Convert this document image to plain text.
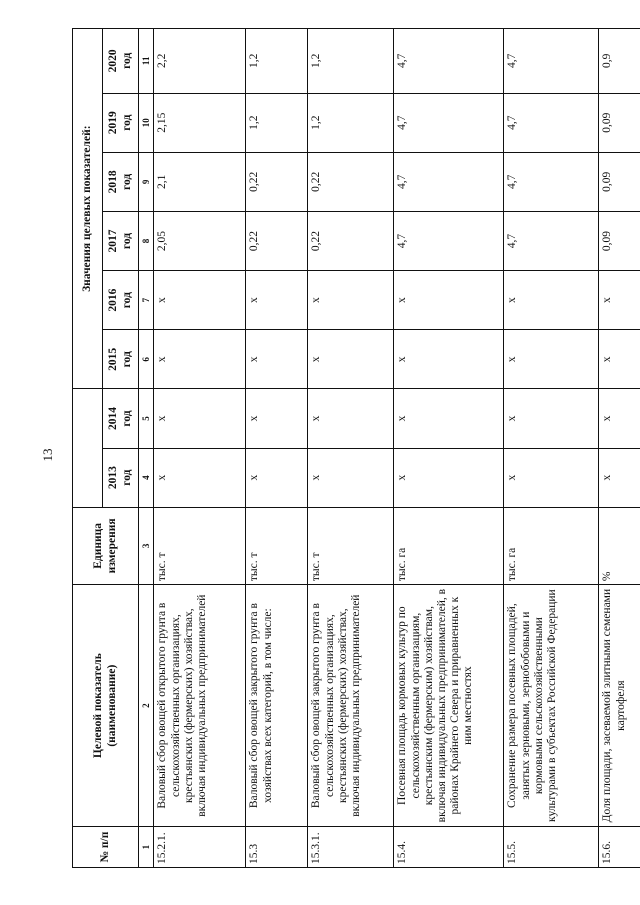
13
№ п/п	Целевой показатель (наименование)	Единица измерения			Значения целевых показателей:					

			2013 год	2014 год	2015 год	2016 год	2017 год	2018 год	2019 год	2020 год

1	2	3	4	5	6	7	8	9	10	11
15.2.1.	Валовый сбор овощей открытого грунта в сельскохозяйственных организациях, крестьянских (фермерских) хозяйствах, включая индивидуальных предпринимателей	тыс. т	х	х	х	х	2,05	2,1	2,15	2,2
15.3	Валовый сбор овощей закрытого грунта в хозяйствах всех категорий, в том числе:	тыс. т	х	х	х	х	0,22	0,22	1,2	1,2
15.3.1.	Валовый сбор овощей закрытого грунта в сельскохозяйственных организациях, крестьянских (фермерских) хозяйствах, включая индивидуальных предпринимателей	тыс. т	х	х	х	х	0,22	0,22	1,2	1,2
15.4.	Посевная площадь кормовых культур по сельскохозяйственным организациям, крестьянским (фермерским) хозяйствам, включая индивидуальных предпринимателей, в районах Крайнего Севера и приравненных к ним местностях	тыс. га	х	х	х	х	4,7	4,7	4,7	4,7
15.5.	Сохранение размера посевных площадей, занятых зерновыми, зернобобовыми и кормовыми сельскохозяйственными культурами в субъектах Российской Федерации	тыс. га	х	х	х	х	4,7	4,7	4,7	4,7
15.6.	Доля площади, засеваемой элитными семенами картофеля	%	х	х	х	х	0,09	0,09	0,09	0,9
